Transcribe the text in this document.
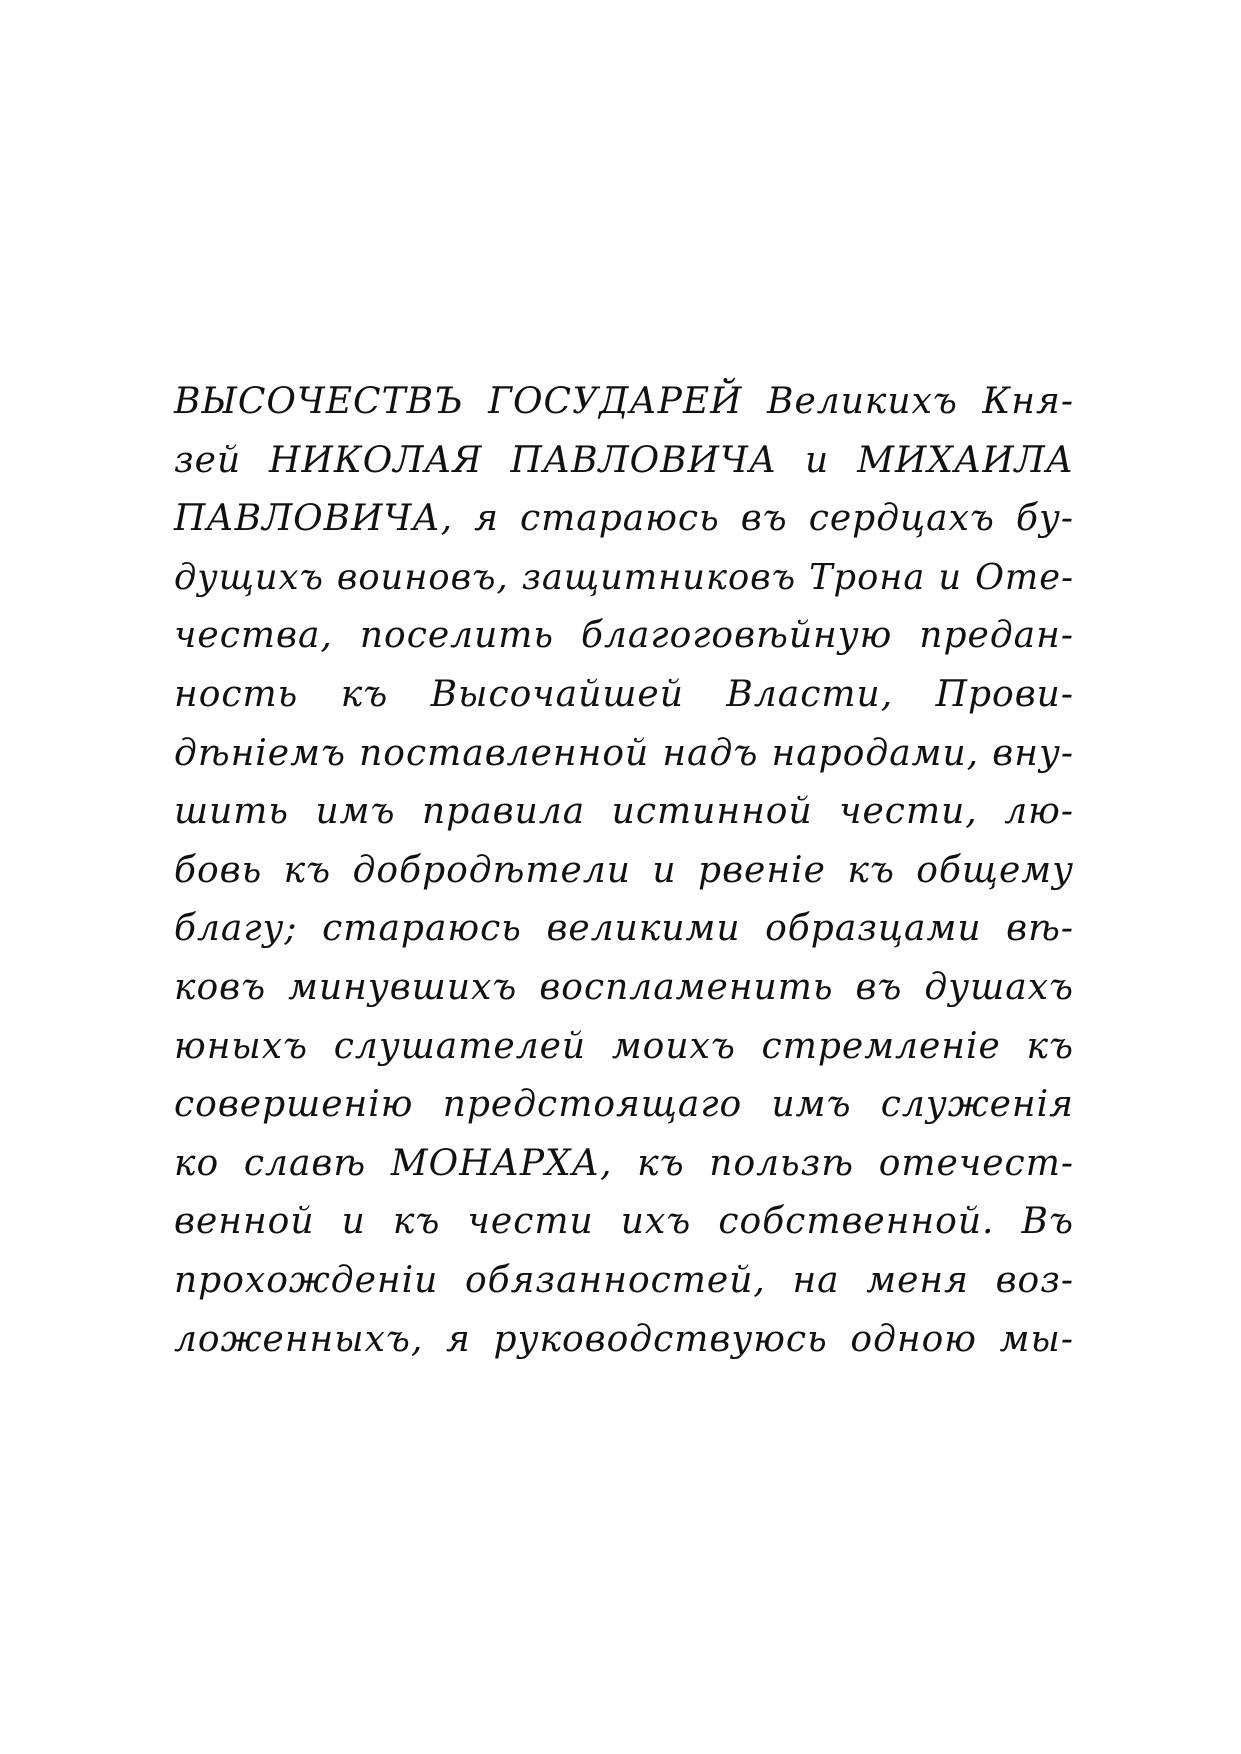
ВЫСОЧЕСТВЪ ГОСУДАРЕЙ Великихъ Кня-
зей НИКОЛАЯ ПАВЛОВИЧА и МИХАИЛА
ПАВЛОВИЧА, я стараюсь въ сердцахъ бу-
дущихъ воиновъ, защитниковъ Трона и Оте-
чества, поселить благоговѣйную предан-
ность къ Высочайшей Власти, Прови-
дѣніемъ поставленной надъ народами, вну-
шить имъ правила истинной чести, лю-
бовь къ добродѣтели и рвеніе къ общему
благу; стараюсь великими образцами вѣ-
ковъ минувшихъ воспламенить въ душахъ
юныхъ слушателей моихъ стремленіе къ
совершенію предстоящаго имъ служенія
ко славѣ МОНАРХА, къ пользѣ отечест-
венной и къ чести ихъ собственной. Въ
прохожденіи обязанностей, на меня воз-
ложенныхъ, я руководствуюсь одною мы-
